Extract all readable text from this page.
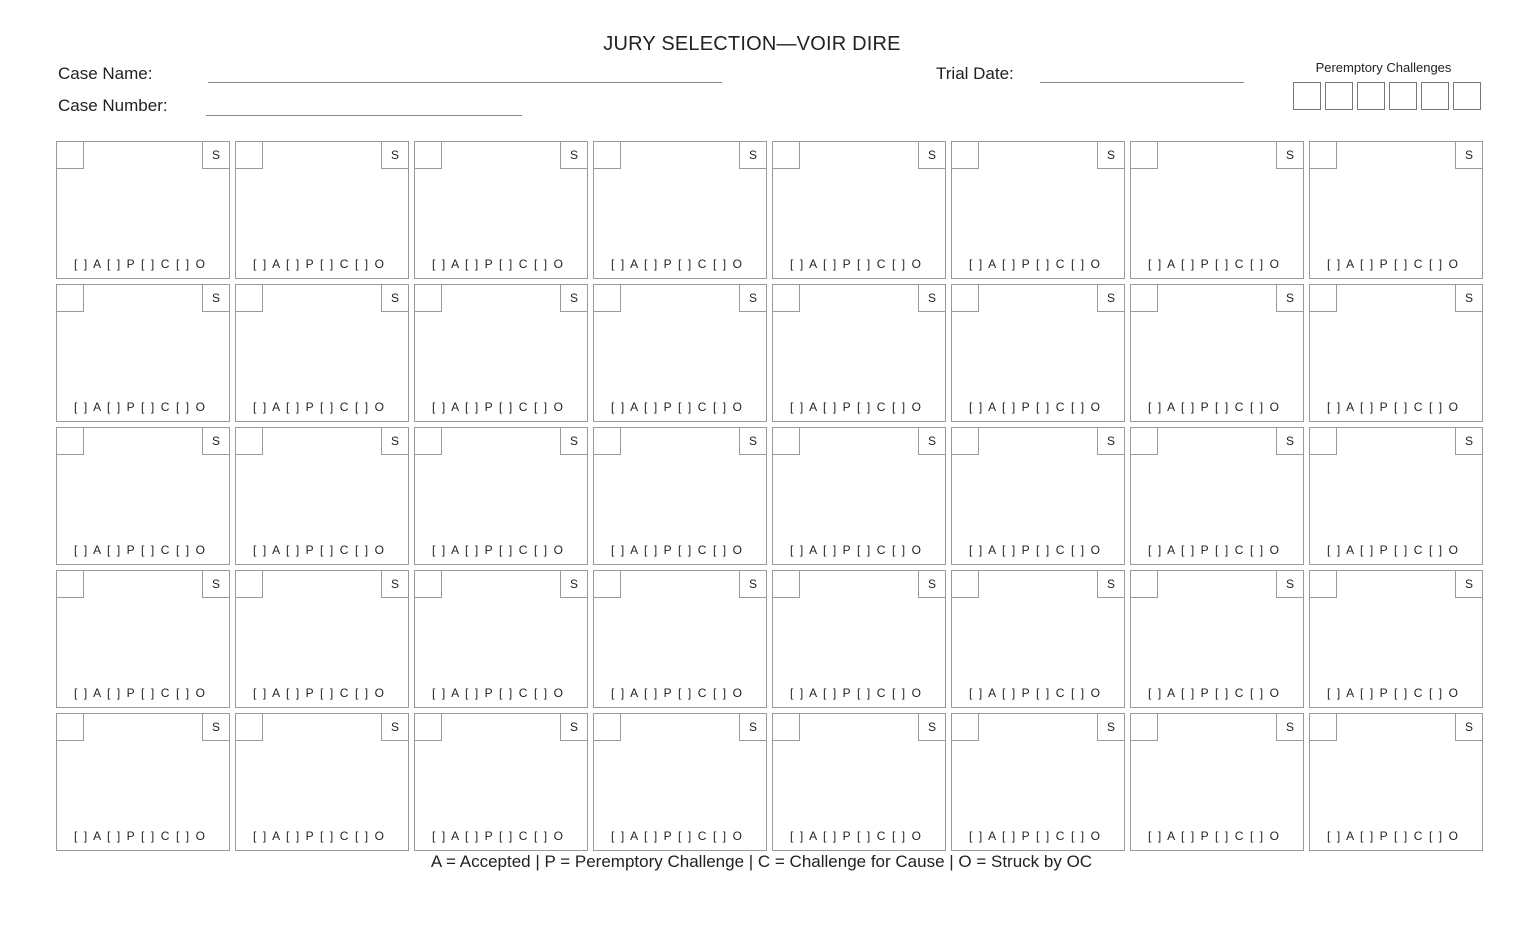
JURY SELECTION—VOIR DIRE
Case Name:
Case Number:
Trial Date:	Peremptory Challenges
S
[ ] A [ ] P [ ] C [ ] O
S
[ ] A [ ] P [ ] C [ ] O
S
[ ] A [ ] P [ ] C [ ] O
S
[ ] A [ ] P [ ] C [ ] O
S
[ ] A [ ] P [ ] C [ ] O
S
[ ] A [ ] P [ ] C [ ] O
S
[ ] A [ ] P [ ] C [ ] O
S
[ ] A [ ] P [ ] C [ ] O
S
[ ] A [ ] P [ ] C [ ] O
S
[ ] A [ ] P [ ] C [ ] O
S
[ ] A [ ] P [ ] C [ ] O
S
[ ] A [ ] P [ ] C [ ] O
S
[ ] A [ ] P [ ] C [ ] O
S
[ ] A [ ] P [ ] C [ ] O
S
[ ] A [ ] P [ ] C [ ] O
S
[ ] A [ ] P [ ] C [ ] O
S
[ ] A [ ] P [ ] C [ ] O
S
[ ] A [ ] P [ ] C [ ] O
S
[ ] A [ ] P [ ] C [ ] O
S
[ ] A [ ] P [ ] C [ ] O
S
[ ] A [ ] P [ ] C [ ] O
S
[ ] A [ ] P [ ] C [ ] O
S
[ ] A [ ] P [ ] C [ ] O
S
[ ] A [ ] P [ ] C [ ] O
S
[ ] A [ ] P [ ] C [ ] O
S
[ ] A [ ] P [ ] C [ ] O
S
[ ] A [ ] P [ ] C [ ] O
S
[ ] A [ ] P [ ] C [ ] O
S
[ ] A [ ] P [ ] C [ ] O
S
[ ] A [ ] P [ ] C [ ] O
S
[ ] A [ ] P [ ] C [ ] O
S
[ ] A [ ] P [ ] C [ ] O
S
[ ] A [ ] P [ ] C [ ] O
S
[ ] A [ ] P [ ] C [ ] O
S
[ ] A [ ] P [ ] C [ ] O
S
[ ] A [ ] P [ ] C [ ] O
S
[ ] A [ ] P [ ] C [ ] O
S
[ ] A [ ] P [ ] C [ ] O
S
[ ] A [ ] P [ ] C [ ] O
S
[ ] A [ ] P [ ] C [ ] O
A = Accepted | P = Peremptory Challenge | C = Challenge for Cause | O = Struck by OC
